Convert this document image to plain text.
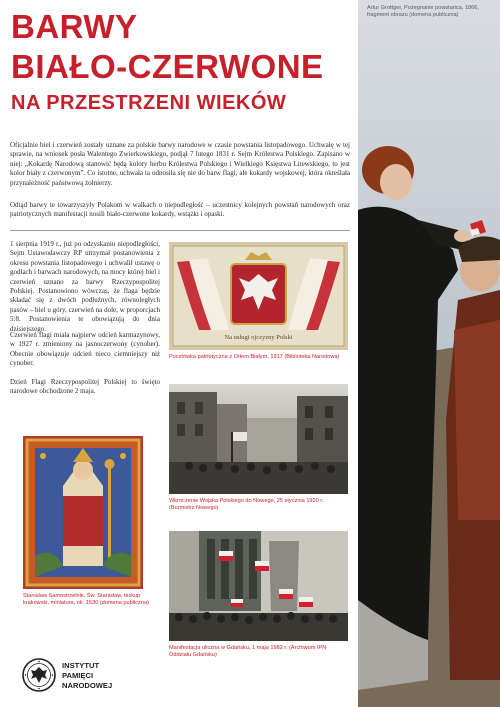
BARWY
BIAŁO-CZERWONE
NA PRZESTRZENI WIEKÓW

Oficjalnie biel i czerwień zostały uznane za polskie barwy narodowe w czasie powstania listopadowego. Uchwałę w tej sprawie, na wniosek posła Walentego Zwierkowskiego, podjął 7 lutego 1831 r. Sejm Królestwa Polskiego. Zapisano w niej: „Kokardę Narodową stanowić będą kolory herbu Królestwa Polskiego i Wielkiego Księstwa Litewskiego, to jest kolor biały z czerwonym”. Co istotne, uchwała ta odnosiła się nie do barw flagi, ale kokardy wojskowej, która określała przynależność państwową żołnierzy.

Odtąd barwy te towarzyszyły Polakom w walkach o niepodległość – uczestnicy kolejnych powstań narodowych oraz patriotycznych manifestacji nosili biało-czerwone kokardy, wstążki i opaski.

1 sierpnia 1919 r., już po odzyskaniu niepodległości, Sejm Ustawodawczy RP utrzymał postanowienia z okresu powstania listopadowego i uchwalił ustawę o godłach i barwach narodowych, na mocy której biel i czerwień uznano za barwy Rzeczypospolitej Polskiej. Postanowiono wówczas, że flaga będzie składać się z dwóch podłużnych, równoległych pasów – biel u góry, czerwień na dole, w proporcjach 5:8. Postanowienia te obowiązują do dnia dzisiejszego.

Czerwień flagi miała najpierw odcień karmazynowy, w 1927 r. zmieniony na jasnoczerwony (cynober). Obecnie obowiązuje odcień nieco ciemniejszy niż cynober.

Dzień Flagi Rzeczypospolitej Polskiej to święto narodowe obchodzone 2 maja.

Na usługi ojczyzny Polski
Pocztówka patriotyczna z Orłem Białym, 1917 (Biblioteka Narodowa)
Wkroczenie Wojska Polskiego do Nowego, 25 stycznia 1920 r. (Burmistrz Nowego)
Stanisław Samostrzelnik, Św. Stanisław, biskup krakowski, miniatura, ok. 1530 (domena publiczna)
Manifestacja uliczna w Gdańsku, 1 maja 1982 r. (Archiwum IPN Oddziału Gdańsku)
Artur Grottger, Pożegnanie powstańca, 1866, fragment obrazu (domena publiczna)
INSTYTUT
PAMIĘCI
NARODOWEJ
